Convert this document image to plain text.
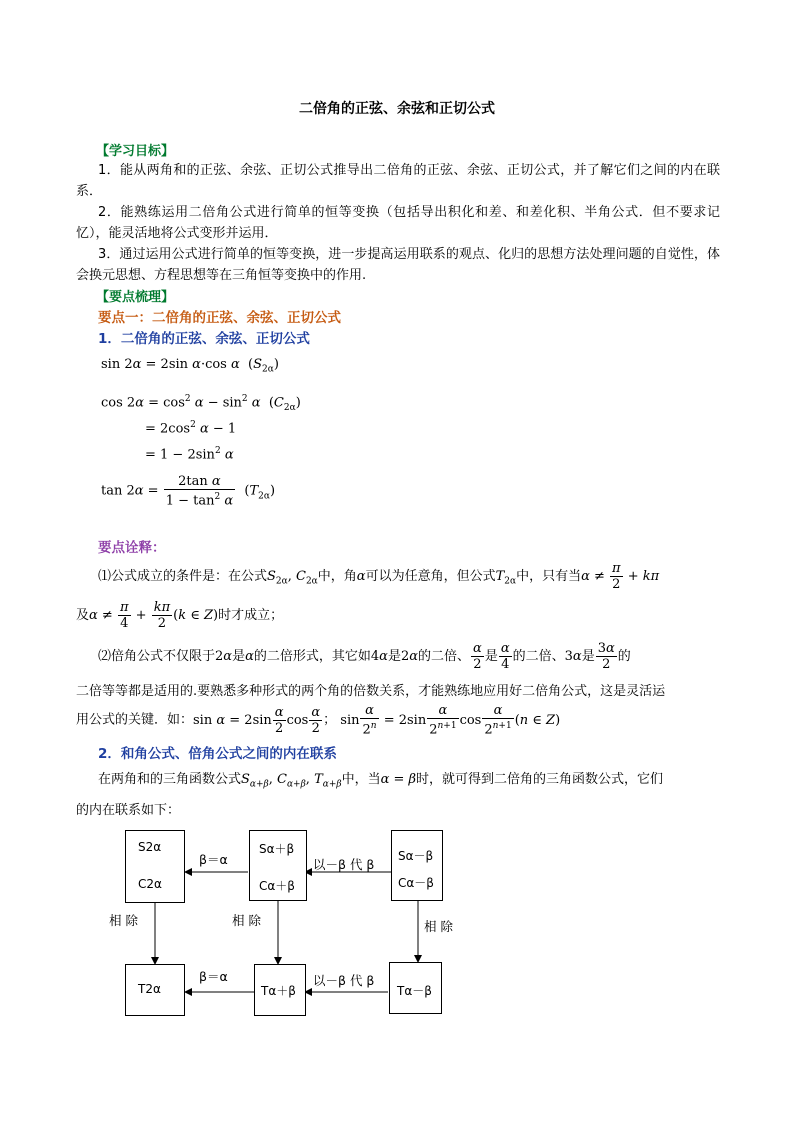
二倍角的正弦、余弦和正切公式
【学习目标】
1．能从两角和的正弦、余弦、正切公式推导出二倍角的正弦、余弦、正切公式，并了解它们之间的内在联系．
2．能熟练运用二倍角公式进行简单的恒等变换（包括导出积化和差、和差化积、半角公式．但不要求记忆），能灵活地将公式变形并运用．
3．通过运用公式进行简单的恒等变换，进一步提高运用联系的观点、化归的思想方法处理问题的自觉性，体会换元思想、方程思想等在三角恒等变换中的作用.
【要点梳理】
要点一：二倍角的正弦、余弦、正切公式
1．二倍角的正弦、余弦、正切公式
sin 2α = 2sin α·cos α  $(S_{2\alpha})$
$\cos 2\alpha = \cos^2 \alpha - \sin^2 \alpha$  $(C_{2\alpha})$
= $2\cos^2$ α − 1
= $1 - 2\sin^2$ α
$\tan 2\alpha = \frac{\text{2tan α}}{1 - \tan^2 \alpha} (T_{2\alpha})$
要点诠释：
⑴公式成立的条件是：在公式$S_{2\alpha}$, $C_{2\alpha}$中，角α可以为任意角，但公式$T_{2\alpha}$中，只有当$\alpha \ne \frac{\pi}{2} + k\pi$
及$\alpha \ne \frac{\pi}{4} + \frac{k\pi}{2} (k$ ∈ Z)时才成立；
⑵倍角公式不仅限于2α是α的二倍形式，其它如4α是2α的二倍、 $\frac{\alpha}{2}$ 是 $\frac{\alpha}{4}$ 的二倍、3α是 $\frac{3\alpha}{2}$ 的
二倍等等都是适用的.要熟悉多种形式的两个角的倍数关系，才能熟练地应用好二倍角公式，这是灵活运
用公式的关键．如：$\sin \alpha = 2\sin \frac{\alpha}{2}$ $\cos \frac{\alpha}{2}$ ； $\sin \frac{\alpha}{2^n} = 2\sin \frac{\alpha}{2^{n+1}}$ $\cos \frac{\alpha}{2^{n+1}} (n$ ∈ Z)
2．和角公式、倍角公式之间的内在联系
在两角和的三角函数公式$S_{\alpha+\beta}$, $C_{\alpha+\beta}$, $T_{\alpha+\beta}$中，当α = β时，就可得到二倍角的三角函数公式，它们
的内在联系如下：
S2α
C2α
Sα＋β
Cα＋β
Sα－β
Cα－β
T2α	Tα＋β	Tα－β
β＝α	以－β 代 β
β＝α	以－β 代 β
相 除	相 除	相 除
